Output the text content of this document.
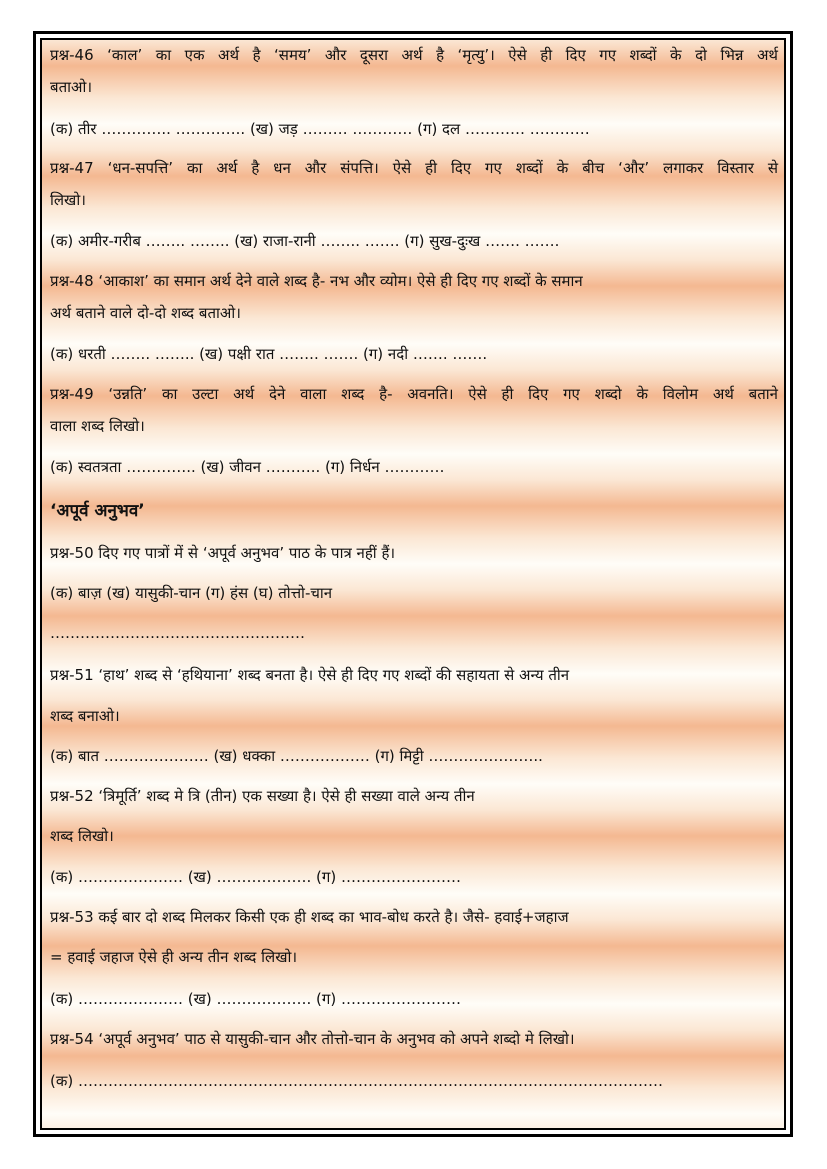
प्रश्न-46 ‘काल’ का एक अर्थ है ‘समय’ और दूसरा अर्थ है ‘मृत्यु’। ऐसे ही दिए गए शब्दों के दो भिन्न अर्थ
बताओ।
(क) तीर ………….. ………….. (ख) जड़ ……… ………… (ग) दल ………… …………
प्रश्न-47 ‘धन-सपत्ति’ का अर्थ है धन और संपत्ति। ऐसे ही दिए गए शब्दों के बीच ‘और’ लगाकर विस्तार से
लिखो।
(क) अमीर-गरीब …….. …….. (ख) राजा-रानी …….. ……. (ग) सुख-दुःख ……. …….
प्रश्न-48 ‘आकाश’ का समान अर्थ देने वाले शब्द है- नभ और व्योम। ऐसे ही दिए गए शब्दों के समान
अर्थ बताने वाले दो-दो शब्द बताओ।
(क) धरती …….. …….. (ख) पक्षी रात …….. ……. (ग) नदी ……. …….
प्रश्न-49 ‘उन्नति’ का उल्टा अर्थ देने वाला शब्द है- अवनति। ऐसे ही दिए गए शब्दो के विलोम अर्थ बताने
वाला शब्द लिखो।
(क) स्वतत्रता ………….. (ख) जीवन ……….. (ग) निर्धन …………
‘अपूर्व अनुभव’
प्रश्न-50 दिए गए पात्रों में से ‘अपूर्व अनुभव’ पाठ के पात्र नहीं हैं।
(क) बाज़ (ख) यासुकी-चान (ग) हंस (घ) तोत्तो-चान
……………………………………………
प्रश्न-51 ‘हाथ’ शब्द से ‘हथियाना’ शब्द बनता है। ऐसे ही दिए गए शब्दों की सहायता से अन्य तीन
शब्द बनाओ।
(क) बात ………………… (ख) धक्का ……………… (ग) मिट्टी …………………..
प्रश्न-52 ‘त्रिमूर्ति’ शब्द मे त्रि (तीन) एक सख्या है। ऐसे ही सख्या वाले अन्य तीन
शब्द लिखो।
(क) ………………… (ख) ………………. (ग) ……………………
प्रश्न-53 कई बार दो शब्द मिलकर किसी एक ही शब्द का भाव-बोध करते है। जैसे- हवाई+जहाज
= हवाई जहाज ऐसे ही अन्य तीन शब्द लिखो।
(क) ………………… (ख) ………………. (ग) ……………………
प्रश्न-54 ‘अपूर्व अनुभव’ पाठ से यासुकी-चान और तोत्तो-चान के अनुभव को अपने शब्दो मे लिखो।
(क) ………………………………………………………………………………………………………
